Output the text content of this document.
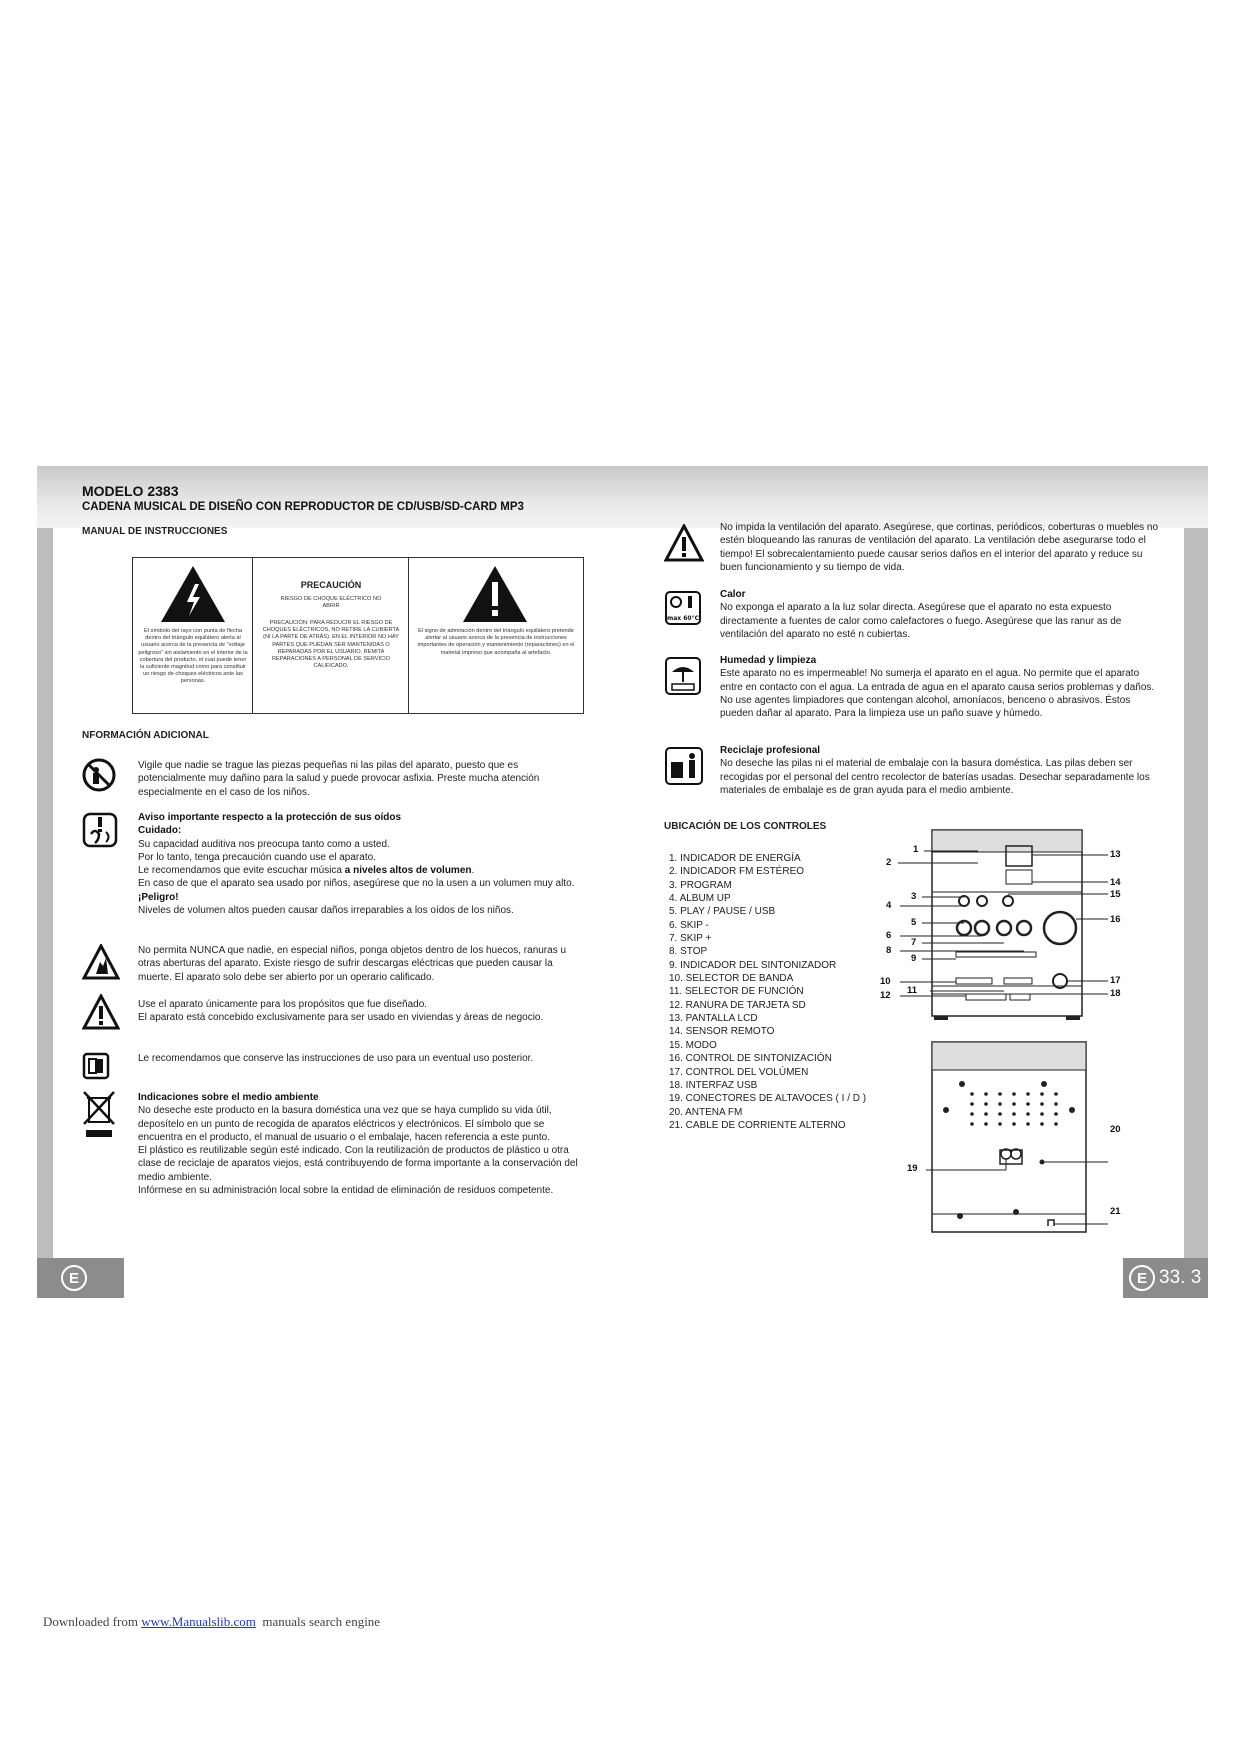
MODELO 2383
CADENA MUSICAL DE DISEÑO CON REPRODUCTOR DE CD/USB/SD-CARD MP3
MANUAL DE INSTRUCCIONES
El símbolo del rayo con punta de flecha dentro del triángulo equilátero alerta al usuario acerca de la presencia de "voltaje peligroso" sin aislamiento en el interior de la cobertura del producto, el cual puede tener la suficiente magnitud como para constituir un riesgo de choques eléctricos ante las personas.
PRECAUCIÓN
RIESGO DE CHOQUE ELÉCTRICO NO ABRIR
PRECAUCIÓN: PARA REDUCIR EL RIESGO DE CHOQUES ELÉCTRICOS, NO RETIRE LA CUBIERTA (NI LA PARTE DE ATRÁS). EN EL INTERIOR NO HAY PARTES QUE PUEDAN SER MANTENIDAS O REPARADAS POR EL USUARIO. REMITA REPARACIONES A PERSONAL DE SERVICIO CALIFICADO.
El signo de admiración dentro del triángulo equilátero pretende alertar al usuario acerca de la presencia de instrucciones importantes de operación y mantenimiento (reparaciones) en el material impreso que acompaña al artefacto.
NFORMACIÓN ADICIONAL
Vigile que nadie se trague las piezas pequeñas ni las pilas del aparato, puesto que es potencialmente muy dañino para la salud y puede provocar asfixia. Preste mucha atención especialmente en el caso de los niños.
Aviso importante respecto a la protección de sus oídos
Cuidado:
Su capacidad auditiva nos preocupa tanto como a usted.
Por lo tanto, tenga precaución cuando use el aparato.
Le recomendamos que evite escuchar música a niveles altos de volumen.
En caso de que el aparato sea usado por niños, asegúrese que no la usen a un volumen muy alto.
¡Peligro!
Niveles de volumen altos pueden causar daños irreparables a los oídos de los niños.
No permita NUNCA que nadie, en especial niños, ponga objetos dentro de los huecos, ranuras u otras aberturas del aparato. Existe riesgo de sufrir descargas eléctricas que pueden causar la muerte. El aparato solo debe ser abierto por un operario calificado.
Use el aparato únicamente para los propósitos que fue diseñado.
El aparato está concebido exclusivamente para ser usado en viviendas y áreas de negocio.
Le recomendamos que conserve las instrucciones de uso para un eventual uso posterior.
Indicaciones sobre el medio ambiente
No deseche este producto en la basura doméstica una vez que se haya cumplido su vida útil, deposítelo en un punto de recogida de aparatos eléctricos y electrónicos. El símbolo que se encuentra en el producto, el manual de usuario o el embalaje, hacen referencia a este punto.
El plástico es reutilizable según esté indicado. Con la reutilización de productos de plástico u otra clase de reciclaje de aparatos viejos, está contribuyendo de forma importante a la conservación del medio ambiente.
Infórmese en su administración local sobre la entidad de eliminación de residuos competente.
No impida la ventilación del aparato. Asegúrese, que cortinas, periódicos, coberturas o muebles no estén bloqueando las ranuras de ventilación del aparato. La ventilación debe asegurarse todo el tiempo! El sobrecalentamiento puede causar serios daños en el interior del aparato y reduce su buen funcionamiento y su tiempo de vida.
max 60°C
Calor
No exponga el aparato a la luz solar directa. Asegúrese que el aparato no esta expuesto directamente a fuentes de calor como calefactores o fuego. Asegúrese que las ranur as de ventilación del aparato no esté n cubiertas.
Humedad y limpieza
Este aparato no es impermeable! No sumerja el aparato en el agua. No permite que el aparato entre en contacto con el agua. La entrada de agua en el aparato causa serios problemas y daños. No use agentes limpiadores que contengan alcohol, amoníacos, benceno o abrasivos. Éstos pueden dañar al aparato. Para la limpieza use un paño suave y húmedo.
Reciclaje profesional
No deseche las pilas ni el material de embalaje con la basura doméstica. Las pilas deben ser recogidas por el personal del centro recolector de baterías usadas. Desechar separadamente los materiales de embalaje es de gran ayuda para el medio ambiente.
UBICACIÓN DE LOS CONTROLES
1. INDICADOR DE ENERGÍA
2. INDICADOR FM ESTÉREO
3. PROGRAM
4. ALBUM UP
5. PLAY / PAUSE / USB
6. SKIP -
7. SKIP +
8. STOP
9. INDICADOR DEL SINTONIZADOR
10. SELECTOR DE BANDA
11. SELECTOR DE FUNCIÓN
12. RANURA DE TARJETA SD
13. PANTALLA LCD
14. SENSOR REMOTO
15. MODO
16. CONTROL DE SINTONIZACIÓN
17. CONTROL DEL VOLÚMEN
18. INTERFAZ USB
19. CONECTORES DE ALTAVOCES ( I / D )
20. ANTENA FM
21. CABLE DE CORRIENTE ALTERNO
1
2
3
4
5
6
7
8
9
10
11
12
13
14
15
16
17
18
19
20
21
E	E 33. 3
Downloaded from www.Manualslib.com  manuals search engine
